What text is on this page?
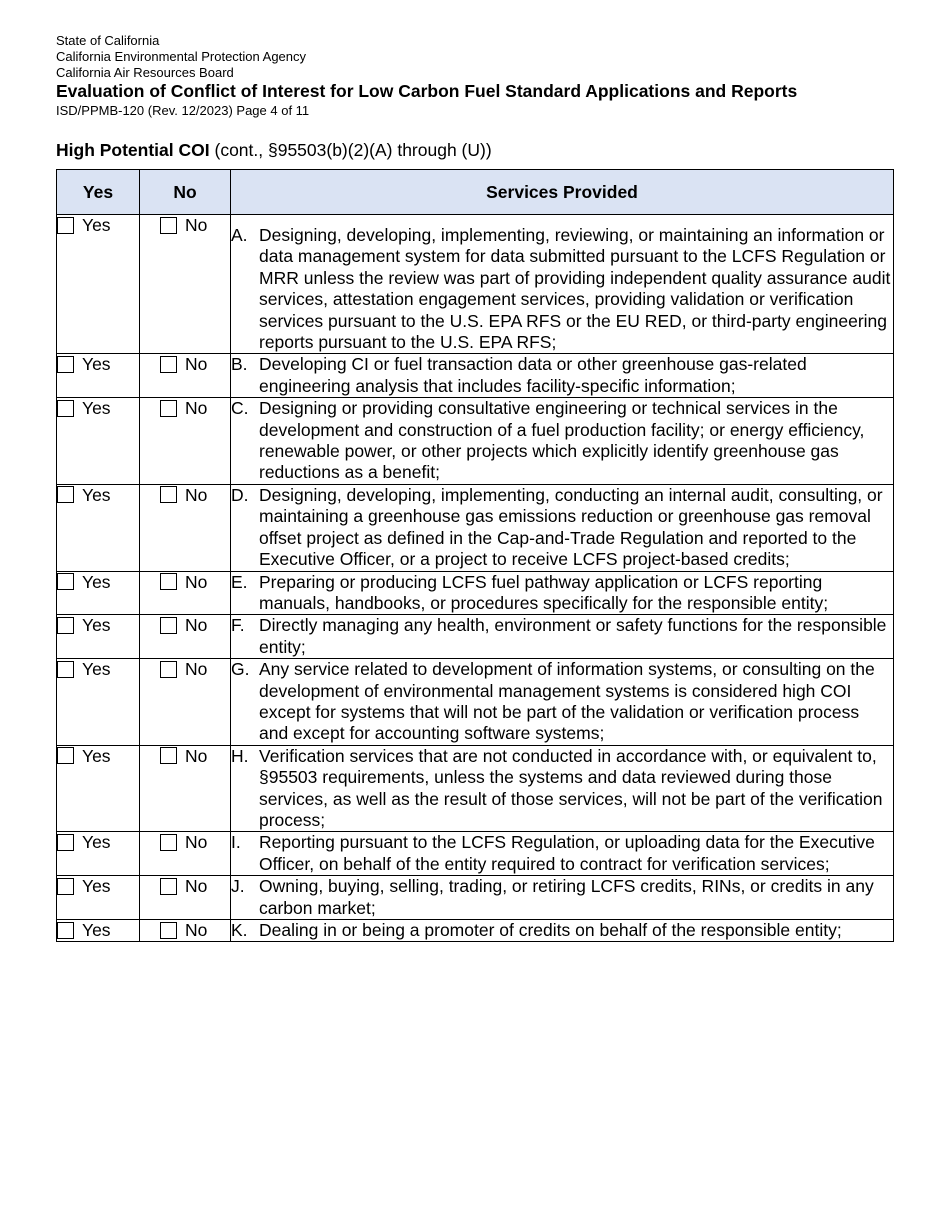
State of California
California Environmental Protection Agency
California Air Resources Board
Evaluation of Conflict of Interest for Low Carbon Fuel Standard Applications and Reports
ISD/PPMB-120 (Rev. 12/2023) Page 4 of 11
High Potential COI (cont., §95503(b)(2)(A) through (U))
Yes	No	Services Provided

Yes	No	A. Designing, developing, implementing, reviewing, or maintaining an information or data management system for data submitted pursuant to the LCFS Regulation or MRR unless the review was part of providing independent quality assurance audit services, attestation engagement services, providing validation or verification services pursuant to the U.S. EPA RFS or the EU RED, or third-party engineering reports pursuant to the U.S. EPA RFS;

Yes	No	B. Developing CI or fuel transaction data or other greenhouse gas-related engineering analysis that includes facility-specific information;

Yes	No	C. Designing or providing consultative engineering or technical services in the development and construction of a fuel production facility; or energy efficiency, renewable power, or other projects which explicitly identify greenhouse gas reductions as a benefit;

Yes	No	D. Designing, developing, implementing, conducting an internal audit, consulting, or maintaining a greenhouse gas emissions reduction or greenhouse gas removal offset project as defined in the Cap-and-Trade Regulation and reported to the Executive Officer, or a project to receive LCFS project-based credits;

Yes	No	E. Preparing or producing LCFS fuel pathway application or LCFS reporting manuals, handbooks, or procedures specifically for the responsible entity;

Yes	No	F. Directly managing any health, environment or safety functions for the responsible entity;

Yes	No	G. Any service related to development of information systems, or consulting on the development of environmental management systems is considered high COI except for systems that will not be part of the validation or verification process and except for accounting software systems;

Yes	No	H. Verification services that are not conducted in accordance with, or equivalent to, §95503 requirements, unless the systems and data reviewed during those services, as well as the result of those services, will not be part of the verification process;

Yes	No	I. Reporting pursuant to the LCFS Regulation, or uploading data for the Executive Officer, on behalf of the entity required to contract for verification services;

Yes	No	J. Owning, buying, selling, trading, or retiring LCFS credits, RINs, or credits in any carbon market;

Yes	No	K. Dealing in or being a promoter of credits on behalf of the responsible entity;
